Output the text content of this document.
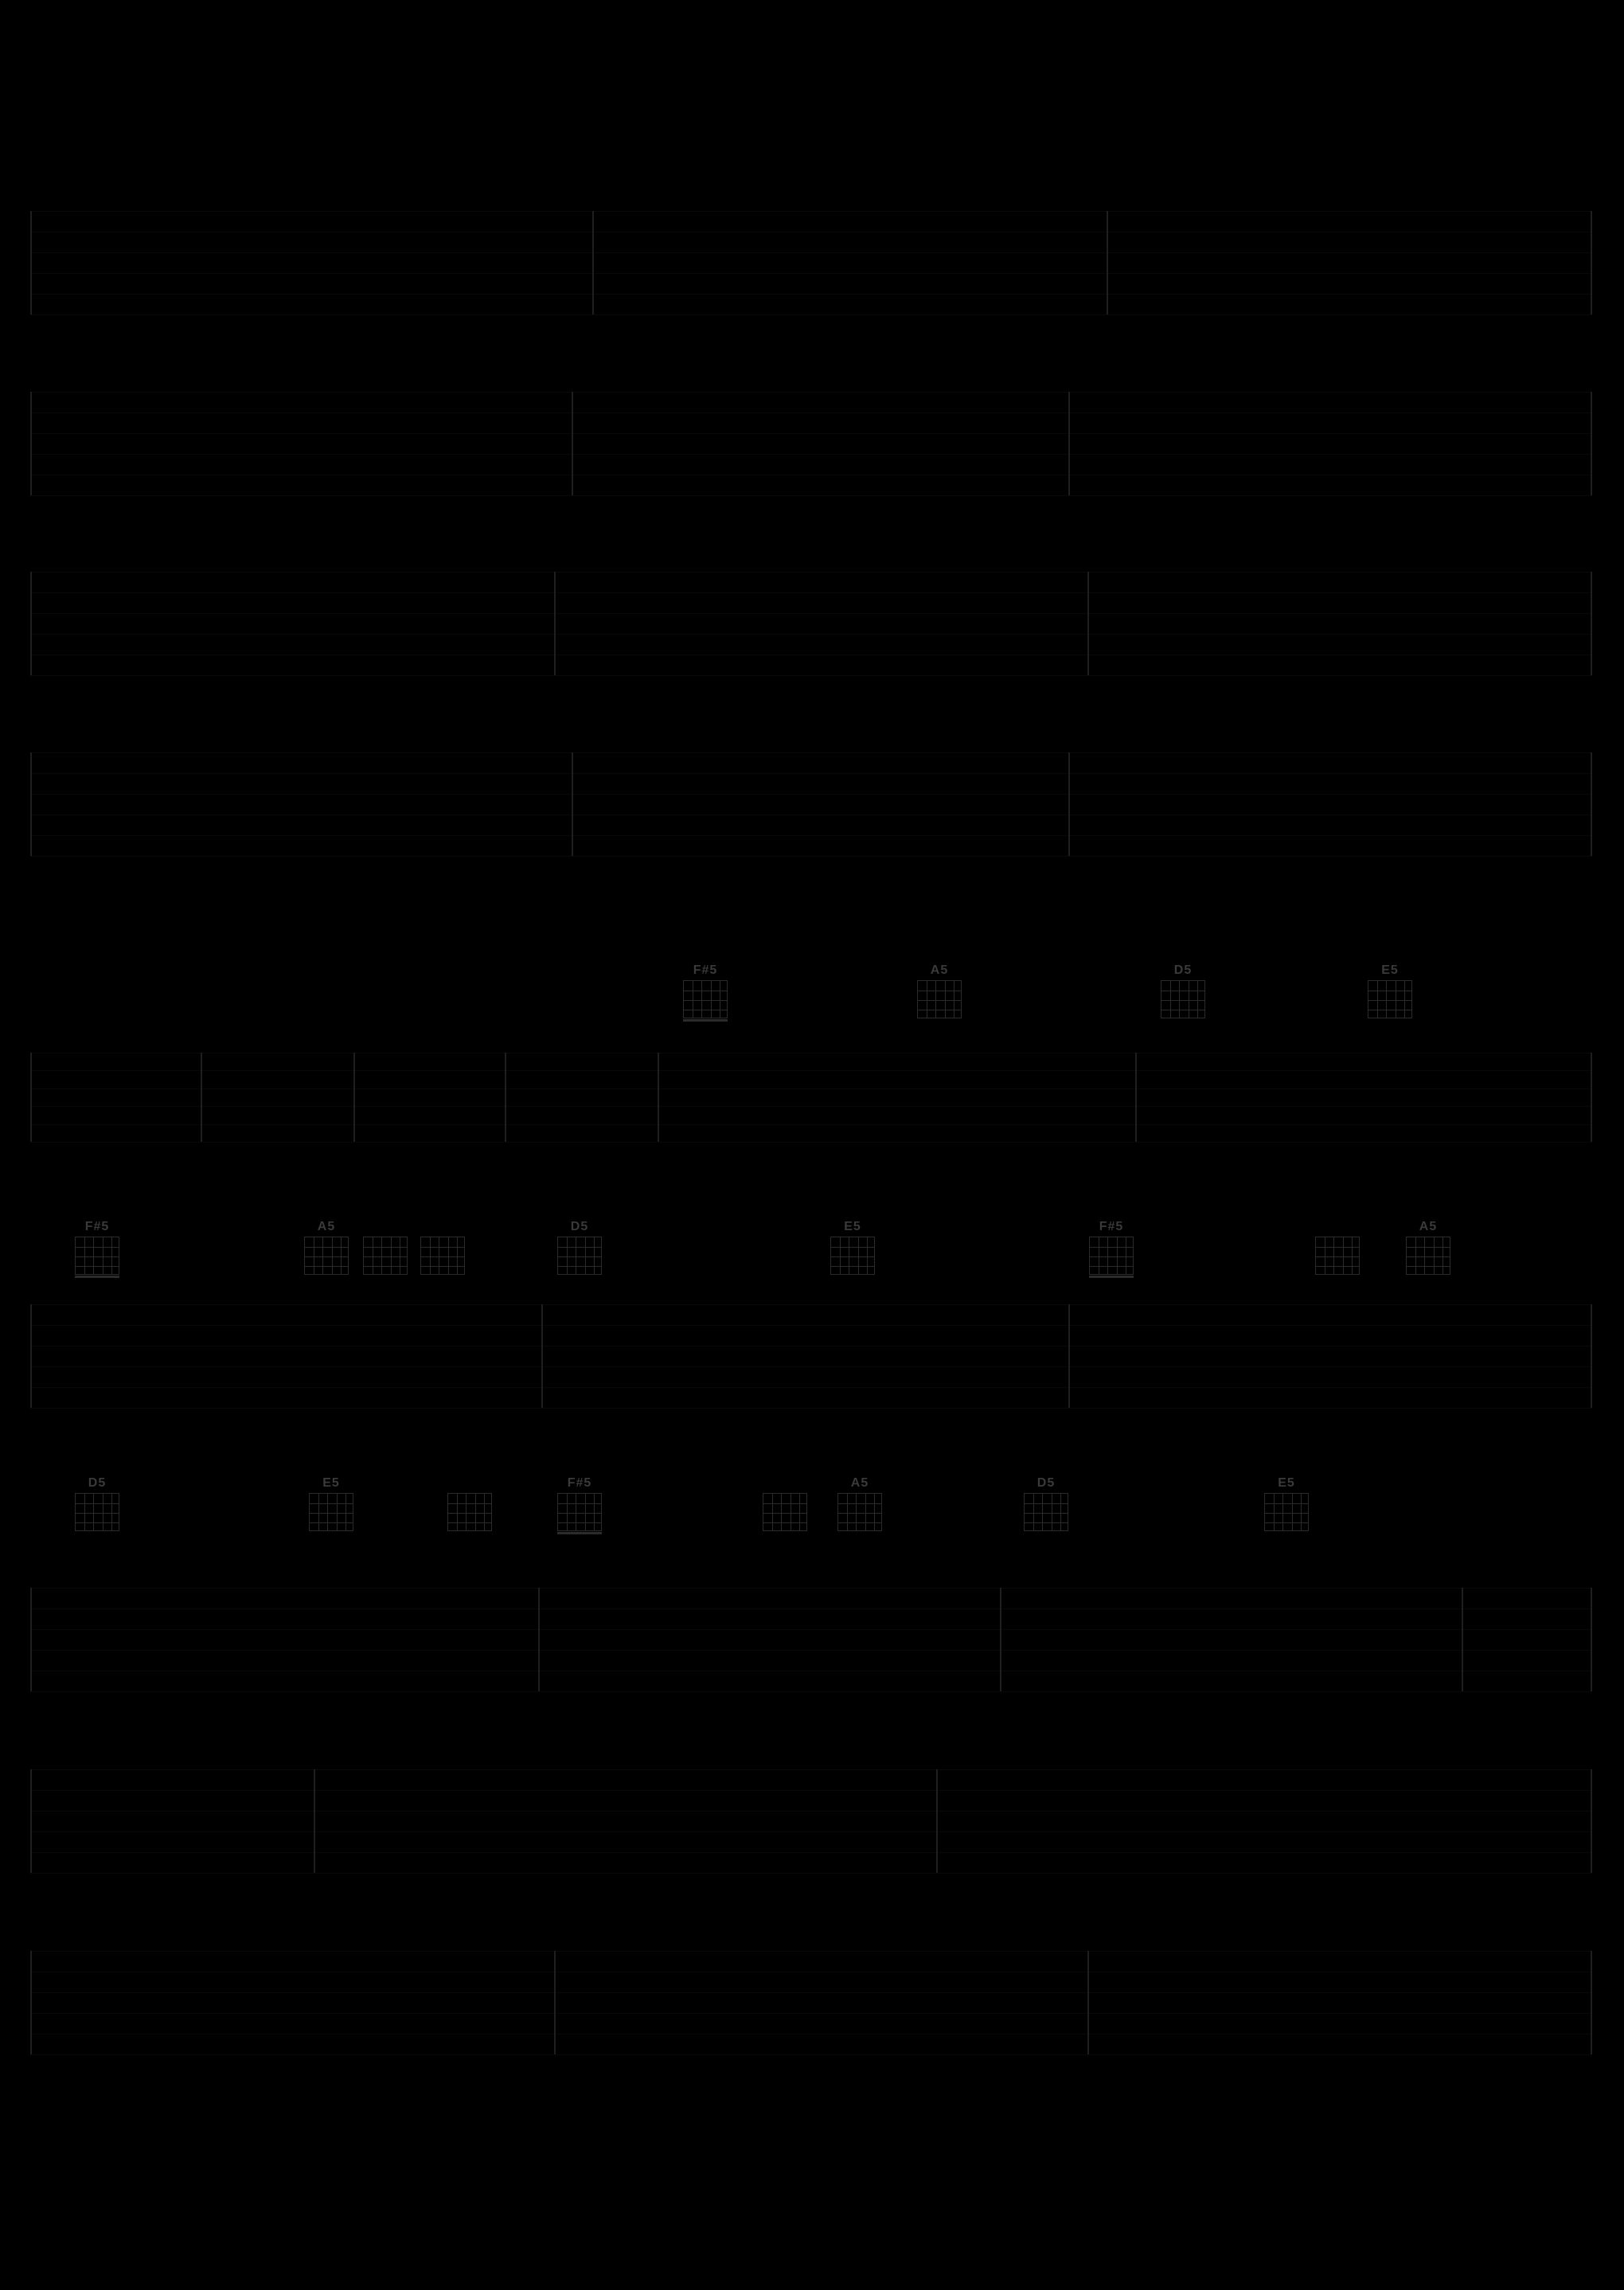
F#5	A5	D5	E5
F#5	A5	D5	E5	F#5	A5
D5	E5	F#5	A5	D5	E5
